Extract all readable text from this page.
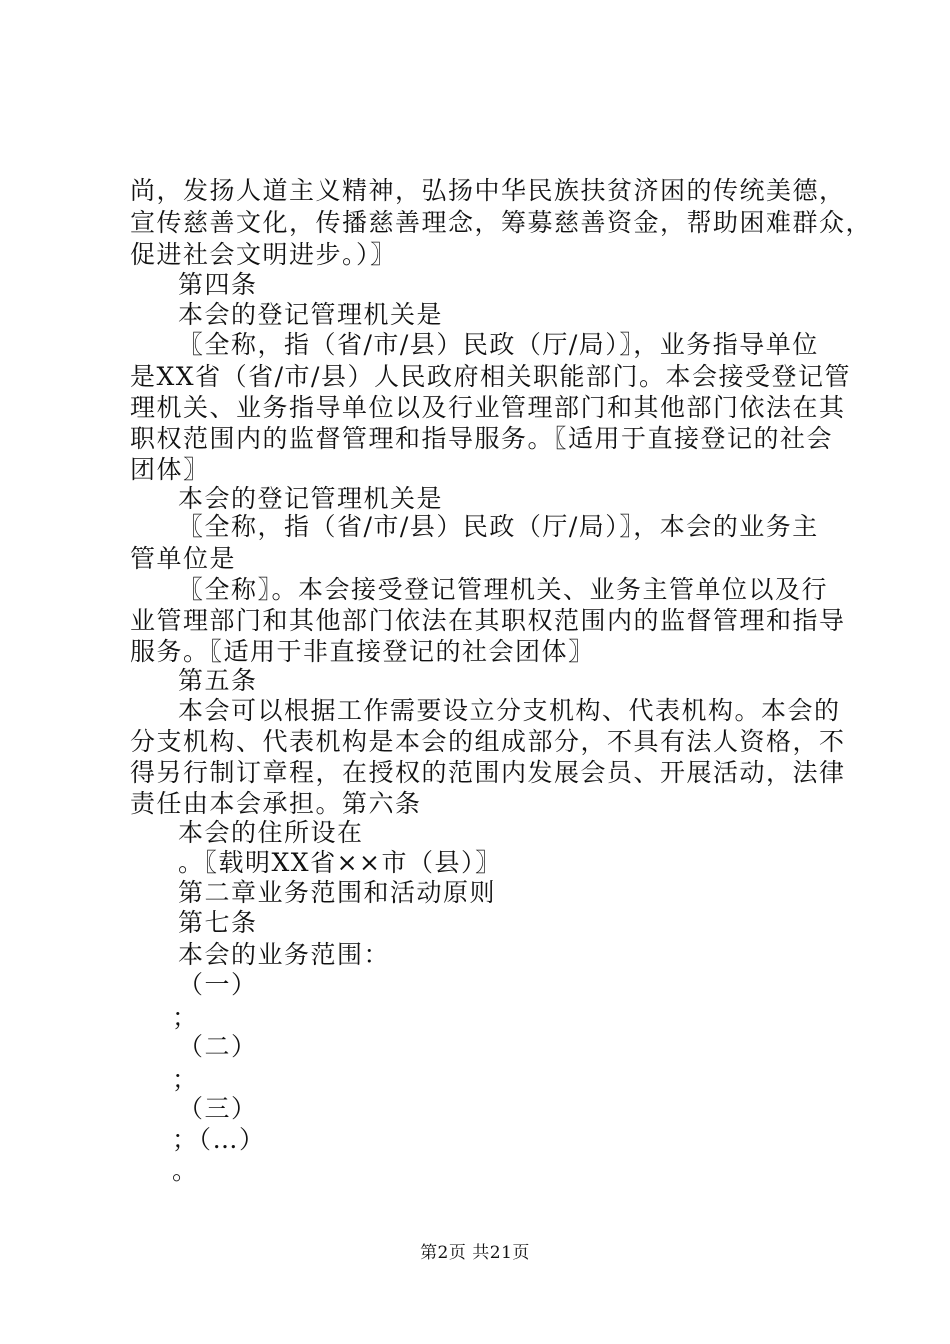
尚，发扬人道主义精神，弘扬中华民族扶贫济困的传统美德，
宣传慈善文化，传播慈善理念，筹募慈善资金，帮助困难群众，
促进社会文明进步。）〗
第四条
本会的登记管理机关是
〖全称，指（省/市/县）民政（厅/局）〗，业务指导单位
是XX省（省/市/县）人民政府相关职能部门。本会接受登记管
理机关、业务指导单位以及行业管理部门和其他部门依法在其
职权范围内的监督管理和指导服务。〖适用于直接登记的社会
团体〗
本会的登记管理机关是
〖全称，指（省/市/县）民政（厅/局）〗，本会的业务主
管单位是
〖全称〗。本会接受登记管理机关、业务主管单位以及行
业管理部门和其他部门依法在其职权范围内的监督管理和指导
服务。〖适用于非直接登记的社会团体〗
第五条
本会可以根据工作需要设立分支机构、代表机构。本会的
分支机构、代表机构是本会的组成部分，不具有法人资格，不
得另行制订章程，在授权的范围内发展会员、开展活动，法律
责任由本会承担。第六条
本会的住所设在
。〖载明XX省××市（县）〗
第二章业务范围和活动原则
第七条
本会的业务范围：
（一）
；
（二）
；
（三）
；（…）
。
第2页 共21页
